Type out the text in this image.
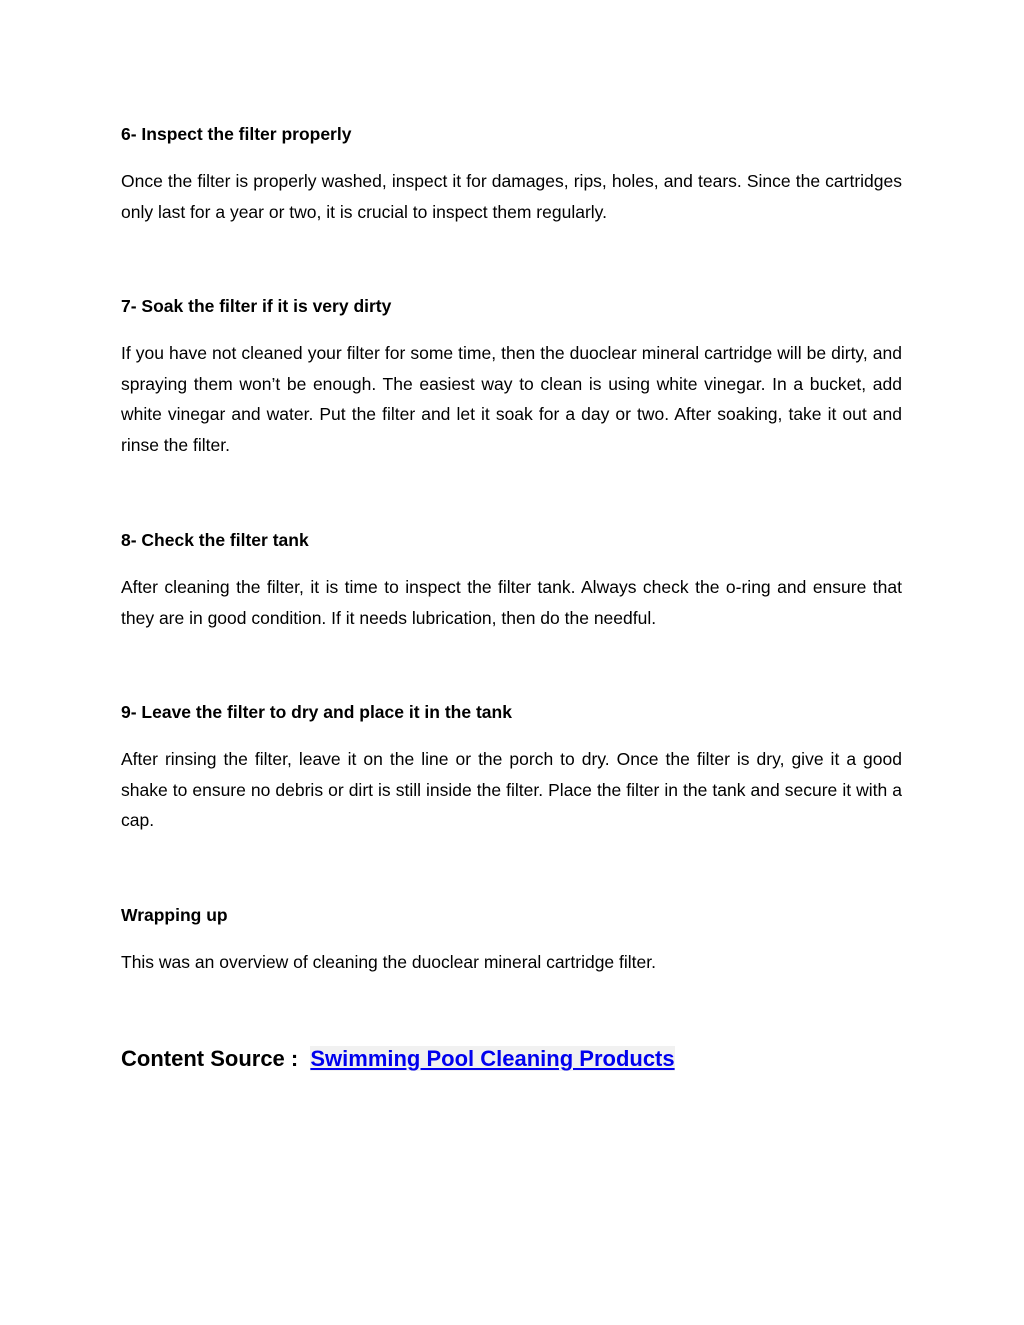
6- Inspect the filter properly

Once the filter is properly washed, inspect it for damages, rips, holes, and tears. Since the cartridges only last for a year or two, it is crucial to inspect them regularly.

7- Soak the filter if it is very dirty

If you have not cleaned your filter for some time, then the duoclear mineral cartridge will be dirty, and spraying them won’t be enough. The easiest way to clean is using white vinegar. In a bucket, add white vinegar and water. Put the filter and let it soak for a day or two. After soaking, take it out and rinse the filter.

8- Check the filter tank

After cleaning the filter, it is time to inspect the filter tank. Always check the o-ring and ensure that they are in good condition. If it needs lubrication, then do the needful.

9- Leave the filter to dry and place it in the tank

After rinsing the filter, leave it on the line or the porch to dry. Once the filter is dry, give it a good shake to ensure no debris or dirt is still inside the filter. Place the filter in the tank and secure it with a cap.

Wrapping up

This was an overview of cleaning the duoclear mineral cartridge filter.

Content Source : Swimming Pool Cleaning Products
